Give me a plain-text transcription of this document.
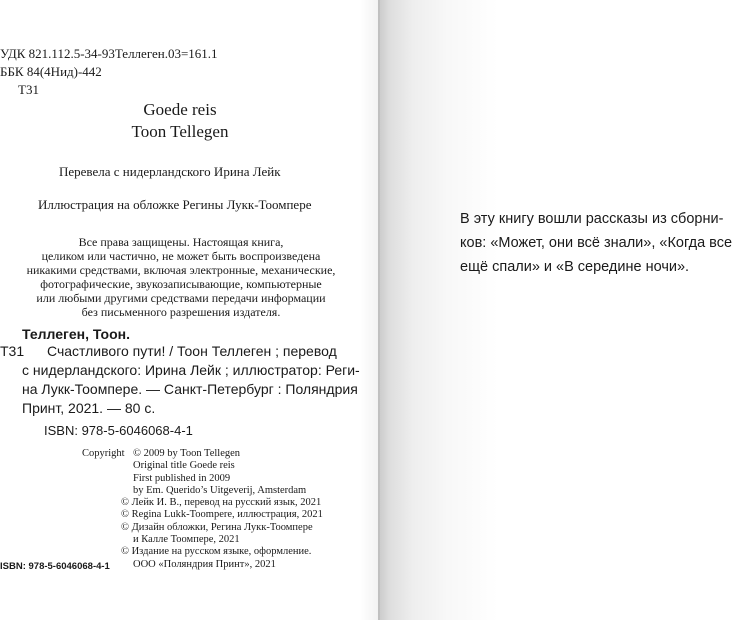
УДК 821.112.5-34-93Теллеген.03=161.1
ББК 84(4Нид)-442
Т31
Goede reis
Toon Tellegen
Перевела с нидерландского Ирина Лейк
Иллюстрация на обложке Регины Лукк-Тоомпере
Все права защищены. Настоящая книга,
целиком или частично, не может быть воспроизведена
никакими средствами, включая электронные, механические,
фотографические, звукозаписывающие, компьютерные
или любыми другими средствами передачи информации
без письменного разрешения издателя.
Теллеген, Тоон.
Т31 Счастливого пути! / Тоон Теллеген ; перевод
с нидерландского: Ирина Лейк ; иллюстратор: Реги-
на Лукк-Тоомпере. — Санкт-Петербург : Поляндрия
Принт, 2021. — 80 с.
ISBN: 978-5-6046068-4-1
Copyright © 2009 by Toon Tellegen
Original title Goede reis
First published in 2009
by Em. Querido’s Uitgeverij, Amsterdam
© Лейк И. В., перевод на русский язык, 2021
© Regina Lukk-Toompere, иллюстрация, 2021
© Дизайн обложки, Регина Лукк-Тоомпере
и Калле Тоомпере, 2021
© Издание на русском языке, оформление.
ООО «Поляндрия Принт», 2021
ISBN: 978-5-6046068-4-1
В эту книгу вошли рассказы из сборни-
ков: «Может, они всё знали», «Когда все
ещё спали» и «В середине ночи».
